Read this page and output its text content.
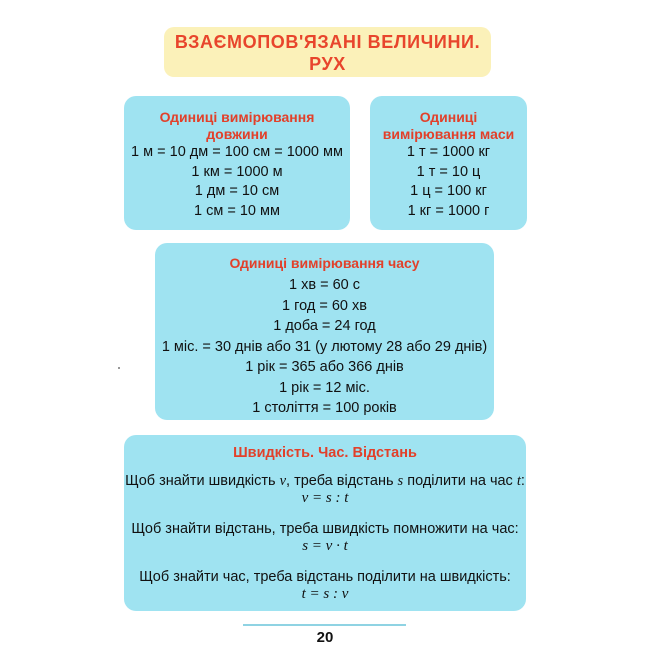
ВЗАЄМОПОВ'ЯЗАНІ ВЕЛИЧИНИ.
РУХ
Одиниці вимірювання
довжини
1 м = 10 дм = 100 см = 1000 мм
1 км = 1000 м
1 дм = 10 см
1 см = 10 мм
Одиниці
вимірювання маси
1 т = 1000 кг
1 т = 10 ц
1 ц = 100 кг
1 кг = 1000 г
Одиниці вимірювання часу
1 хв = 60 с
1 год = 60 хв
1 доба = 24 год
1 міс. = 30 днів або 31 (у лютому 28 або 29 днів)
1 рік = 365 або 366 днів
1 рік = 12 міс.
1 століття = 100 років
Швидкість. Час. Відстань
Щоб знайти швидкість v, треба відстань s поділити на час t:
v = s : t
Щоб знайти відстань, треба швидкість помножити на час:
s = v · t
Щоб знайти час, треба відстань поділити на швидкість:
t = s : v
20
